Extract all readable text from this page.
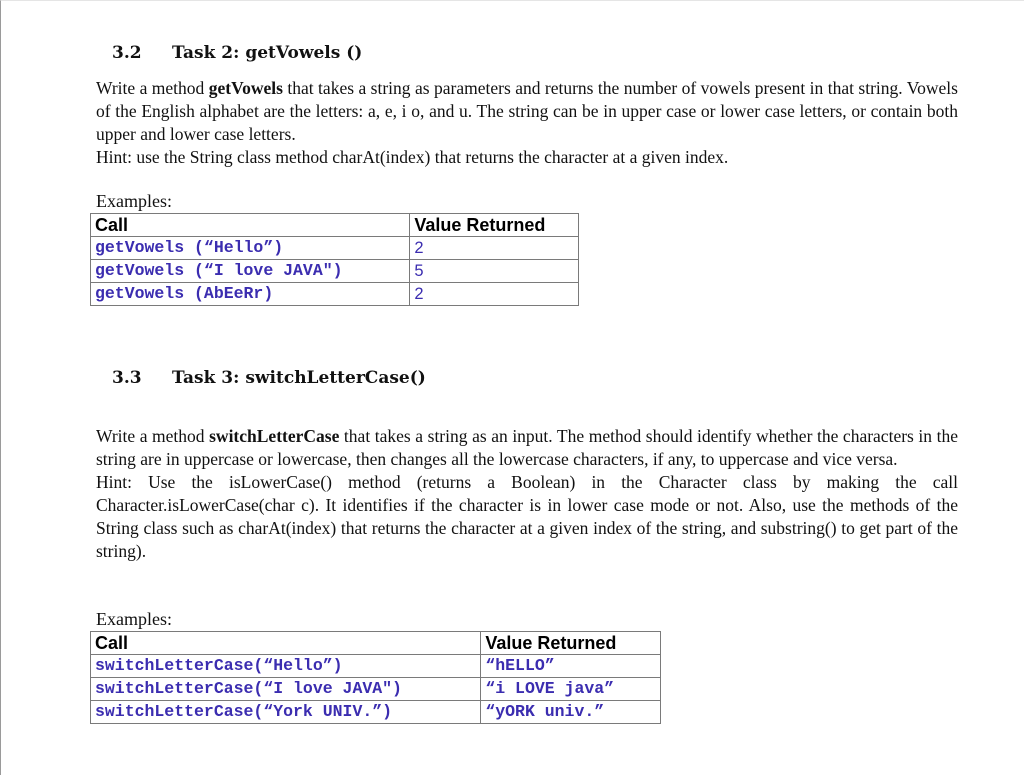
3.2 Task 2: getVowels ()

Write a method getVowels that takes a string as parameters and returns the number of vowels present in that string. Vowels of the English alphabet are the letters: a, e, i o, and u. The string can be in upper case or lower case letters, or contain both upper and lower case letters.

Hint: use the String class method charAt(index) that returns the character at a given index.

Examples:
Call	Value Returned
getVowels (“Hello”)	2
getVowels (“I love JAVA")	5
getVowels (AbEeRr)	2
3.3 Task 3: switchLetterCase()

Write a method switchLetterCase that takes a string as an input. The method should identify whether the characters in the string are in uppercase or lowercase, then changes all the lowercase characters, if any, to uppercase and vice versa.

Hint: Use the isLowerCase() method (returns a Boolean) in the Character class by making the call Character.isLowerCase(char c). It identifies if the character is in lower case mode or not. Also, use the methods of the String class such as charAt(index) that returns the character at a given index of the string, and substring() to get part of the string).

Examples:
Call	Value Returned
switchLetterCase(“Hello”)	“hELLO”
switchLetterCase(“I love JAVA")	“i LOVE java”
switchLetterCase(“York UNIV.”)	“yORK univ.”
